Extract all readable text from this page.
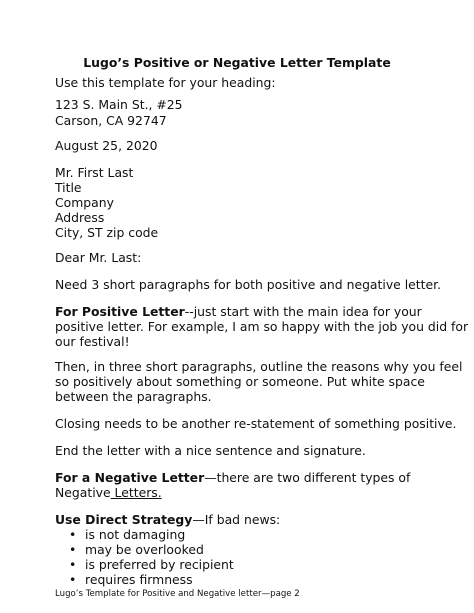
Lugo’s Positive or Negative Letter Template
Use this template for your heading:
123 S. Main St., #25
Carson, CA 92747
August 25, 2020
Mr. First Last
Title
Company
Address
City, ST zip code
Dear Mr. Last:
Need 3 short paragraphs for both positive and negative letter.
For Positive Letter--just start with the main idea for your
positive letter. For example, I am so happy with the job you did for
our festival!
Then, in three short paragraphs, outline the reasons why you feel
so positively about something or someone. Put white space
between the paragraphs.
Closing needs to be another re-statement of something positive.
End the letter with a nice sentence and signature.
For a Negative Letter—there are two different types of
Negative Letters.
Use Direct Strategy—If bad news:
• is not damaging
• may be overlooked
• is preferred by recipient
• requires firmness
Lugo’s Template for Positive and Negative letter—page 2
